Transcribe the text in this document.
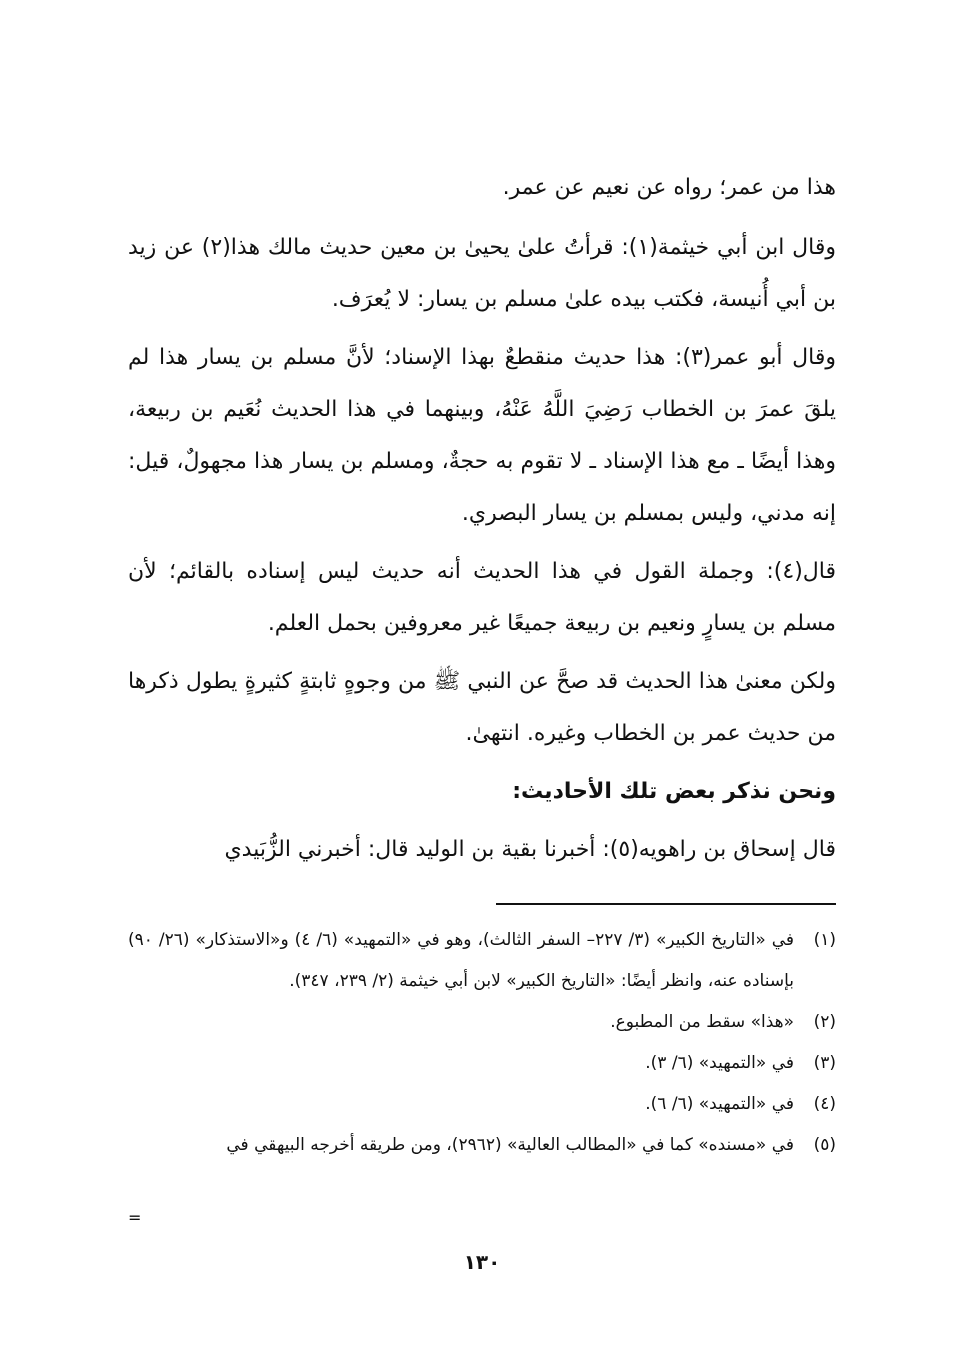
هذا من عمر؛ رواه عن نعيم عن عمر.

وقال ابن أبي خيثمة(١): قرأتُ علىٰ يحيىٰ بن معين حديث مالك هذا(٢) عن زيد بن أبي أُنيسة، فكتب بيده علىٰ مسلم بن يسار: لا يُعرَف.

وقال أبو عمر(٣): هذا حديث منقطعٌ بهذا الإسناد؛ لأنَّ مسلم بن يسار هذا لم يلقَ عمرَ بن الخطاب رَضِيَ اللَّهُ عَنْهُ، وبينهما في هذا الحديث نُعَيم بن ربيعة، وهذا أيضًا ـ مع هذا الإسناد ـ لا تقوم به حجةٌ، ومسلم بن يسار هذا مجهولٌ، قيل: إنه مدني، وليس بمسلم بن يسار البصري.

قال(٤): وجملة القول في هذا الحديث أنه حديث ليس إسناده بالقائم؛ لأن مسلم بن يسارٍ ونعيم بن ربيعة جميعًا غير معروفين بحمل العلم.

ولكن معنىٰ هذا الحديث قد صحَّ عن النبي ﷺ من وجوهٍ ثابتةٍ كثيرةٍ يطول ذكرها من حديث عمر بن الخطاب وغيره. انتهىٰ.

ونحن نذكر بعض تلك الأحاديث:

قال إسحاق بن راهويه(٥): أخبرنا بقية بن الوليد قال: أخبرني الزُّبَيدي

(١)
في «التاريخ الكبير» (٣/ ٢٢٧– السفر الثالث)، وهو في «التمهيد» (٦/ ٤) و«الاستذكار» (٢٦/ ٩٠) بإسناده عنه، وانظر أيضًا: «التاريخ الكبير» لابن أبي خيثمة (٢/ ٢٣٩، ٣٤٧).
(٢)
«هذا» سقط من المطبوع.
(٣)
في «التمهيد» (٦/ ٣).
(٤)
في «التمهيد» (٦/ ٦).
(٥)
في «مسنده» كما في «المطالب العالية» (٢٩٦٢)، ومن طريقه أخرجه البيهقي في
=
١٣٠
